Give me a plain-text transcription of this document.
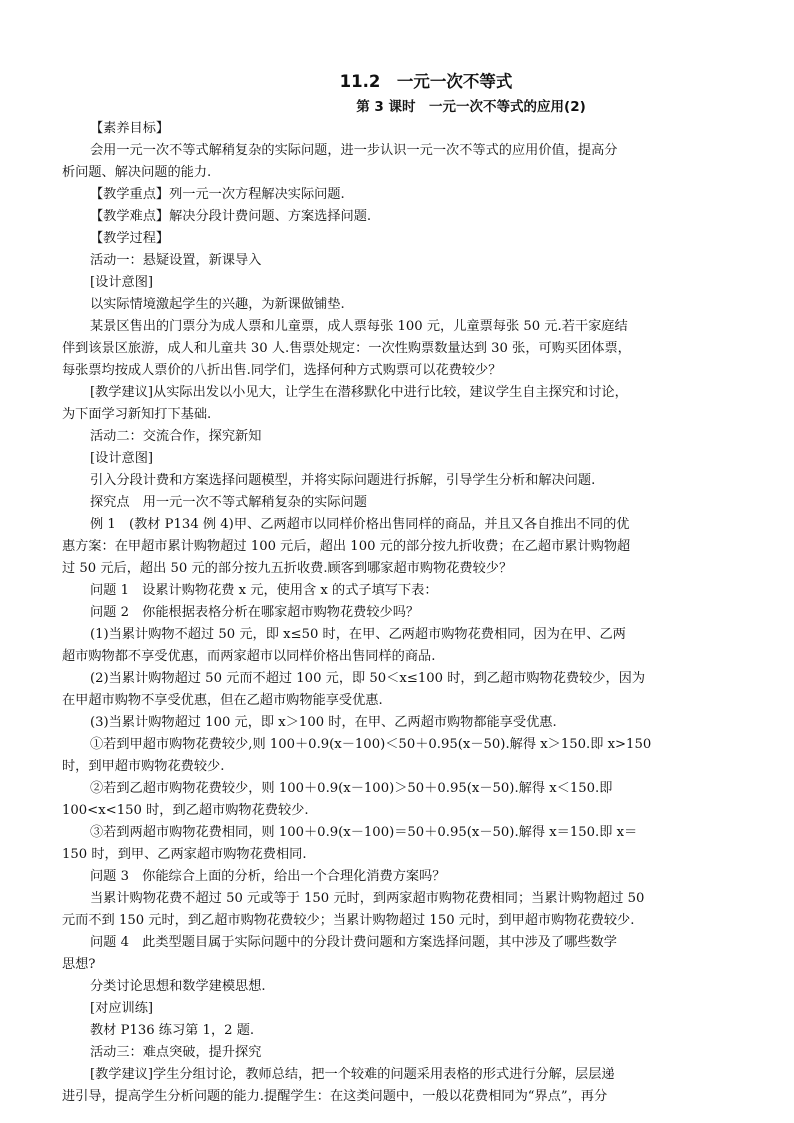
11.2　一元一次不等式
第 3 课时　一元一次不等式的应用(2)
【素养目标】
会用一元一次不等式解稍复杂的实际问题，进一步认识一元一次不等式的应用价值，提高分
析问题、解决问题的能力.
【教学重点】列一元一次方程解决实际问题.
【教学难点】解决分段计费问题、方案选择问题.
【教学过程】
活动一：悬疑设置，新课导入
[设计意图]
以实际情境激起学生的兴趣，为新课做铺垫.
某景区售出的门票分为成人票和儿童票，成人票每张 100 元，儿童票每张 50 元.若干家庭结
伴到该景区旅游，成人和儿童共 30 人.售票处规定：一次性购票数量达到 30 张，可购买团体票，
每张票均按成人票价的八折出售.同学们，选择何种方式购票可以花费较少？
[教学建议]从实际出发以小见大，让学生在潜移默化中进行比较，建议学生自主探究和讨论，
为下面学习新知打下基础.
活动二：交流合作，探究新知
[设计意图]
引入分段计费和方案选择问题模型，并将实际问题进行拆解，引导学生分析和解决问题.
探究点　用一元一次不等式解稍复杂的实际问题
例 1　(教材 P134 例 4)甲、乙两超市以同样价格出售同样的商品，并且又各自推出不同的优
惠方案：在甲超市累计购物超过 100 元后，超出 100 元的部分按九折收费；在乙超市累计购物超
过 50 元后，超出 50 元的部分按九五折收费.顾客到哪家超市购物花费较少？
问题 1　设累计购物花费 x 元，使用含 x 的式子填写下表：
问题 2　你能根据表格分析在哪家超市购物花费较少吗？
(1)当累计购物不超过 50 元，即 x≤50 时，在甲、乙两超市购物花费相同，因为在甲、乙两
超市购物都不享受优惠，而两家超市以同样价格出售同样的商品.
(2)当累计购物超过 50 元而不超过 100 元，即 50＜x≤100 时，到乙超市购物花费较少，因为
在甲超市购物不享受优惠，但在乙超市购物能享受优惠.
(3)当累计购物超过 100 元，即 x＞100 时，在甲、乙两超市购物都能享受优惠.
①若到甲超市购物花费较少,则 100＋0.9(x－100)＜50＋0.95(x－50).解得 x＞150.即 x>150
时，到甲超市购物花费较少.
②若到乙超市购物花费较少，则 100＋0.9(x－100)＞50＋0.95(x－50).解得 x＜150.即
100<x<150 时，到乙超市购物花费较少.
③若到两超市购物花费相同，则 100＋0.9(x－100)＝50＋0.95(x－50).解得 x＝150.即 x＝
150 时，到甲、乙两家超市购物花费相同.
问题 3　你能综合上面的分析，给出一个合理化消费方案吗？
当累计购物花费不超过 50 元或等于 150 元时，到两家超市购物花费相同；当累计购物超过 50
元而不到 150 元时，到乙超市购物花费较少；当累计购物超过 150 元时，到甲超市购物花费较少.
问题 4　此类型题目属于实际问题中的分段计费问题和方案选择问题，其中涉及了哪些数学
思想?
分类讨论思想和数学建模思想.
[对应训练]
教材 P136 练习第 1，2 题.
活动三：难点突破，提升探究
[教学建议]学生分组讨论，教师总结，把一个较难的问题采用表格的形式进行分解，层层递
进引导，提高学生分析问题的能力.提醒学生：在这类问题中，一般以花费相同为“界点”，再分
